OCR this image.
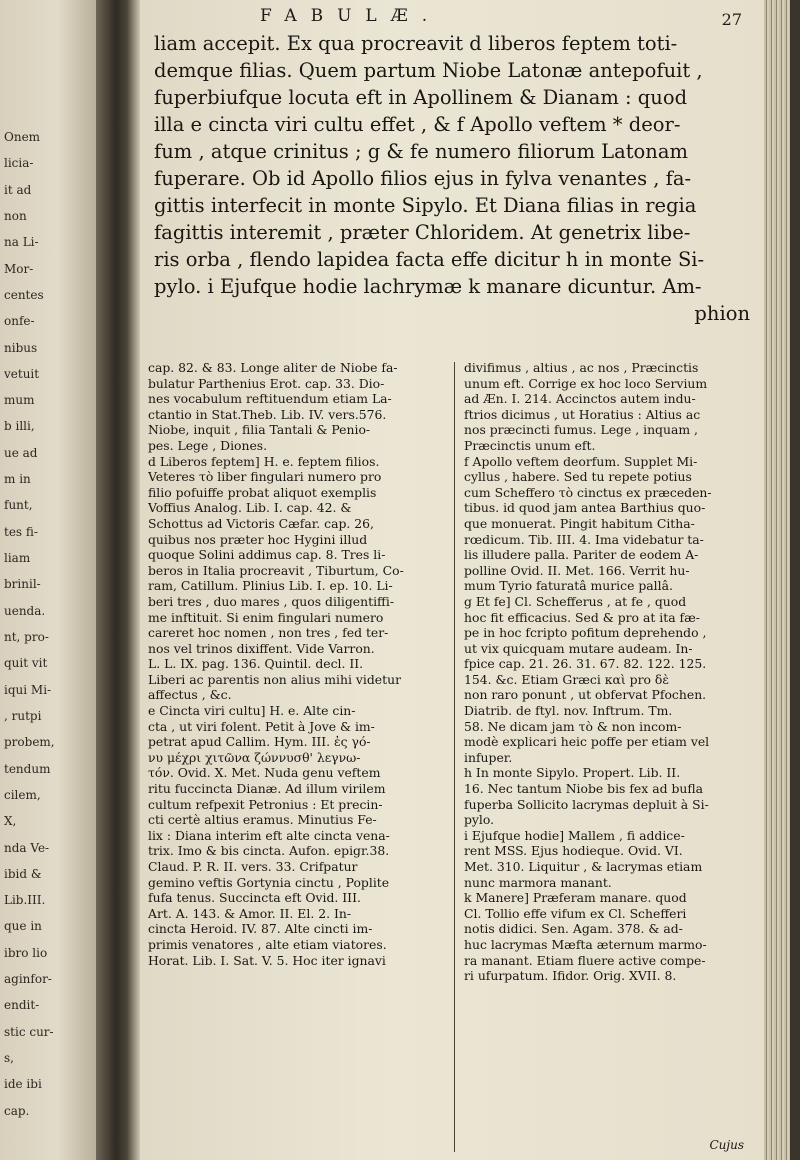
Onem
licia-
it ad
non
na Li-
Mor-
centes
onfe-
nibus
vetuit
mum
b illi,
ue ad
m in
funt,
tes fi-
liam
brinil-
uenda.
nt, pro-
quit vit
iqui Mi-
, rutpi
probem,
tendum
cilem,
X,
nda Ve-
ibid &
Lib.III.
que in
ibro lio
aginfor-
endit-
stic cur-
s,
ide ibi
cap.
FABULÆ.	27
liam accepit. Ex qua procreavit d liberos feptem toti-
demque filias. Quem partum Niobe Latonæ antepofuit ,
fuperbiufque locuta eft in Apollinem & Dianam : quod
illa e cincta viri cultu effet , & f Apollo veftem * deor-
fum , atque crinitus ; g & fe numero filiorum Latonam
fuperare. Ob id Apollo filios ejus in fylva venantes , fa-
gittis interfecit in monte Sipylo. Et Diana filias in regia
fagittis interemit , præter Chloridem. At genetrix libe-
ris orba , flendo lapidea facta effe dicitur h in monte Si-
pylo. i Ejufque hodie lachrymæ k manare dicuntur. Am-
phion
cap. 82. & 83. Longe aliter de Niobe fa-
bulatur Parthenius Erot. cap. 33. Dio-
nes vocabulum reftituendum etiam La-
ctantio in Stat.Theb. Lib. IV. vers.576.
Niobe, inquit , filia Tantali & Penio-
pes. Lege , Diones.
d Liberos feptem] H. e. feptem filios.
Veteres τὸ liber fingulari numero pro
filio pofuiffe probat aliquot exemplis
Voffius Analog. Lib. I. cap. 42. &
Schottus ad Victoris Cæfar. cap. 26,
quibus nos præter hoc Hygini illud
quoque Solini addimus cap. 8. Tres li-
beros in Italia procreavit , Tiburtum, Co-
ram, Catillum. Plinius Lib. I. ep. 10. Li-
beri tres , duo mares , quos diligentiffi-
me inftituit. Si enim fingulari numero
careret hoc nomen , non tres , fed ter-
nos vel trinos dixiffent. Vide Varron.
L. L. IX. pag. 136. Quintil. decl. II.
Liberi ac parentis non alius mihi videtur
affectus , &c.
e Cincta viri cultu] H. e. Alte cin-
cta , ut viri folent. Petit à Jove & im-
petrat apud Callim. Hym. III. ἐς γό-
νυ μέχρι χιτῶνα ζώννυσθ' λεγνω-
τόν. Ovid. X. Met. Nuda genu veftem
ritu fuccincta Dianæ. Ad illum virilem
cultum refpexit Petronius : Et precin-
cti certè altius eramus. Minutius Fe-
lix : Diana interim eft alte cincta vena-
trix. Imo & bis cincta. Aufon. epigr.38.
Claud. P. R. II. vers. 33. Crifpatur
gemino veftis Gortynia cinctu , Poplite
fufa tenus. Succincta eft Ovid. III.
Art. A. 143. & Amor. II. El. 2. In-
cincta Heroid. IV. 87. Alte cincti im-
primis venatores , alte etiam viatores.
Horat. Lib. I. Sat. V. 5. Hoc iter ignavi
divifimus , altius , ac nos , Præcinctis
unum eft. Corrige ex hoc loco Servium
ad Æn. I. 214. Accinctos autem indu-
ftrios dicimus , ut Horatius : Altius ac
nos præcincti fumus. Lege , inquam ,
Præcinctis unum eft.
f Apollo veftem deorfum. Supplet Mi-
cyllus , habere. Sed tu repete potius
cum Scheffero τὸ cinctus ex præceden-
tibus. id quod jam antea Barthius quo-
que monuerat. Pingit habitum Citha-
rœdicum. Tib. III. 4. Ima videbatur ta-
lis illudere palla. Pariter de eodem A-
polline Ovid. II. Met. 166. Verrit hu-
mum Tyrio faturatâ murice pallâ.
g Et fe] Cl. Schefferus , at fe , quod
hoc fit efficacius. Sed & pro at ita fæ-
pe in hoc fcripto pofitum deprehendo ,
ut vix quicquam mutare audeam. In-
fpice cap. 21. 26. 31. 67. 82. 122. 125.
154. &c. Etiam Græci καὶ pro δὲ
non raro ponunt , ut obfervat Pfochen.
Diatrib. de ftyl. nov. Inftrum. Tm.
58. Ne dicam jam τὸ & non incom-
modè explicari heic poffe per etiam vel
infuper.
h In monte Sipylo. Propert. Lib. II.
16. Nec tantum Niobe bis fex ad bufla
fuperba Sollicito lacrymas depluit à Si-
pylo.
i Ejufque hodie] Mallem , fi addice-
rent MSS. Ejus hodieque. Ovid. VI.
Met. 310. Liquitur , & lacrymas etiam
nunc marmora manant.
k Manere] Præferam manare. quod
Cl. Tollio effe vifum ex Cl. Schefferi
notis didici. Sen. Agam. 378. & ad-
huc lacrymas Mæfta æternum marmo-
ra manant. Etiam fluere active compe-
ri ufurpatum. Ifidor. Orig. XVII. 8.
Cujus
